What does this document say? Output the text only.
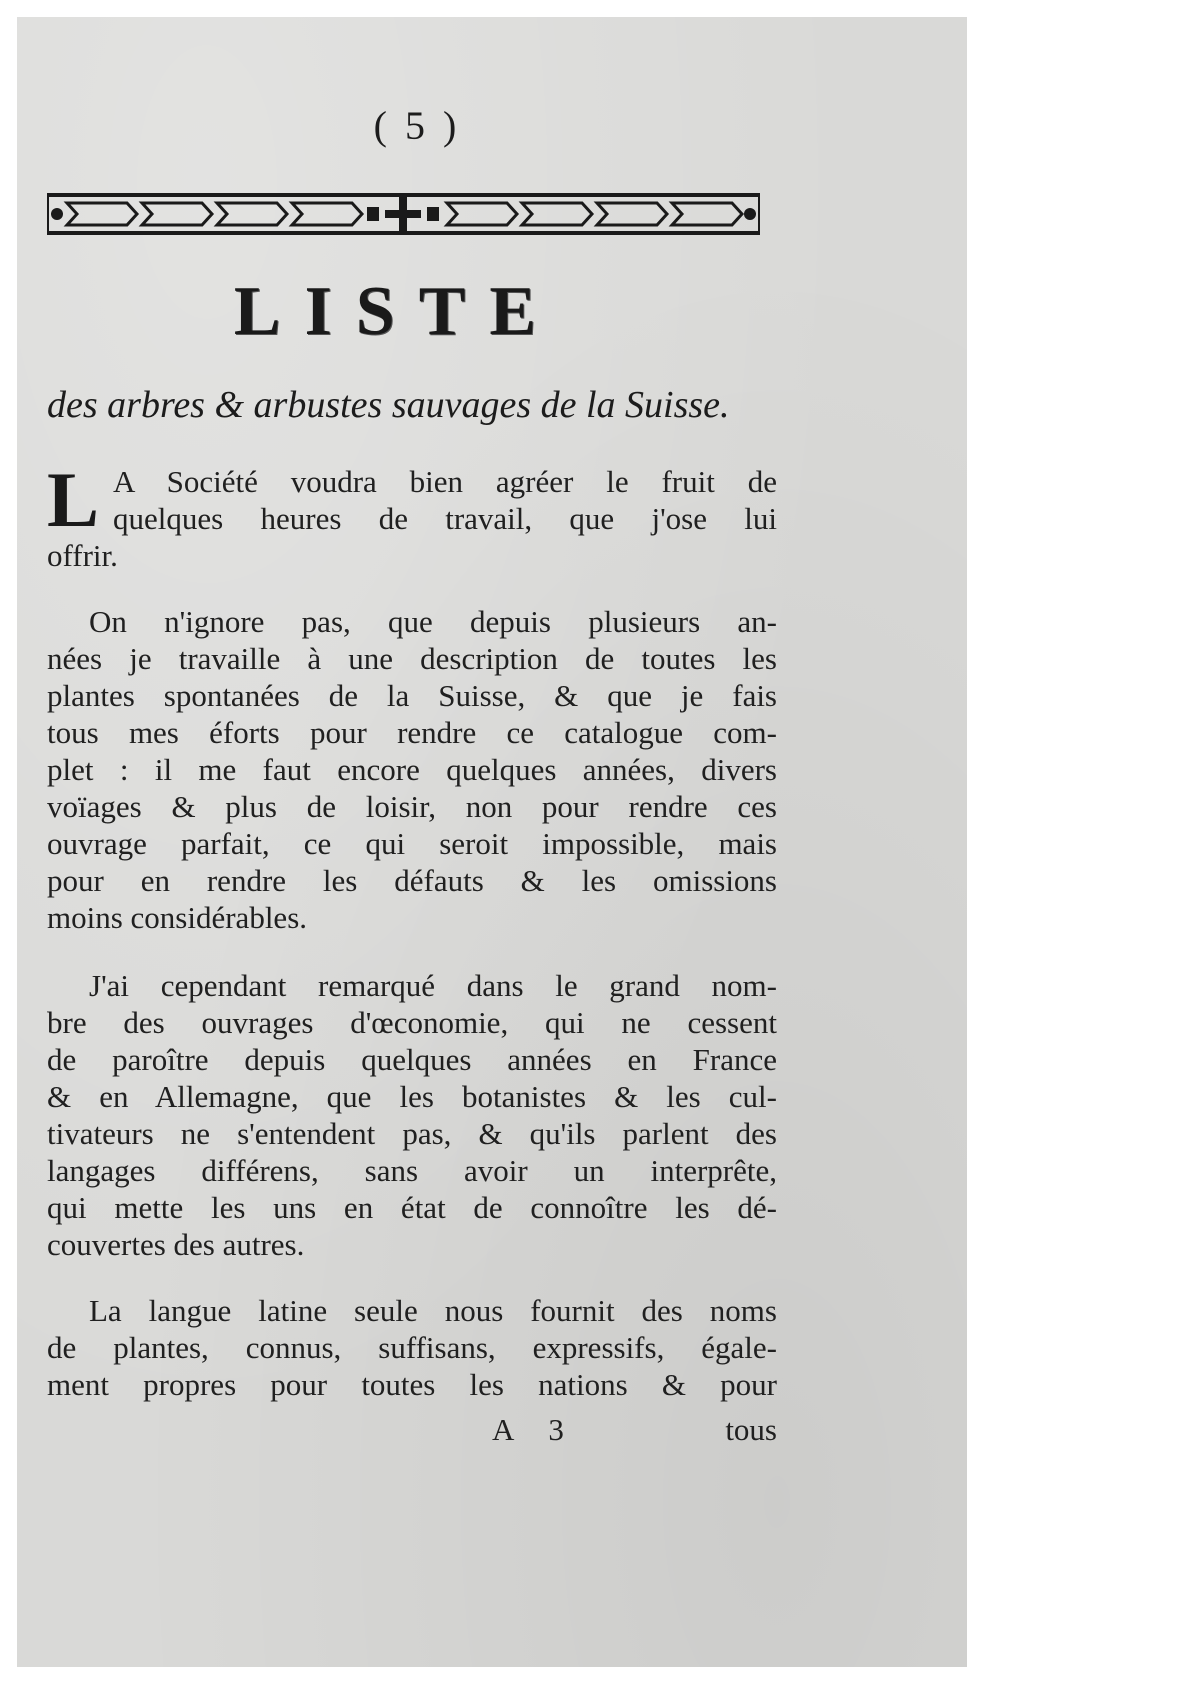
( 5 )
LISTE
des arbres & arbustes sauvages de la Suisse.
L A Société voudra bien agréer le fruit de
quelques heures de travail, que j'ose lui
offrir.
On n'ignore pas, que depuis plusieurs an-
nées je travaille à une description de toutes les
plantes spontanées de la Suisse, & que je fais
tous mes éforts pour rendre ce catalogue com-
plet : il me faut encore quelques années, divers
voïages & plus de loisir, non pour rendre ces
ouvrage parfait, ce qui seroit impossible, mais
pour en rendre les défauts & les omissions
moins considérables.
J'ai cependant remarqué dans le grand nom-
bre des ouvrages d'œconomie, qui ne cessent
de paroître depuis quelques années en France
& en Allemagne, que les botanistes & les cul-
tivateurs ne s'entendent pas, & qu'ils parlent des
langages différens, sans avoir un interprête,
qui mette les uns en état de connoître les dé-
couvertes des autres.
La langue latine seule nous fournit des noms
de plantes, connus, suffisans, expressifs, égale-
ment propres pour toutes les nations & pour
A 3	tous
